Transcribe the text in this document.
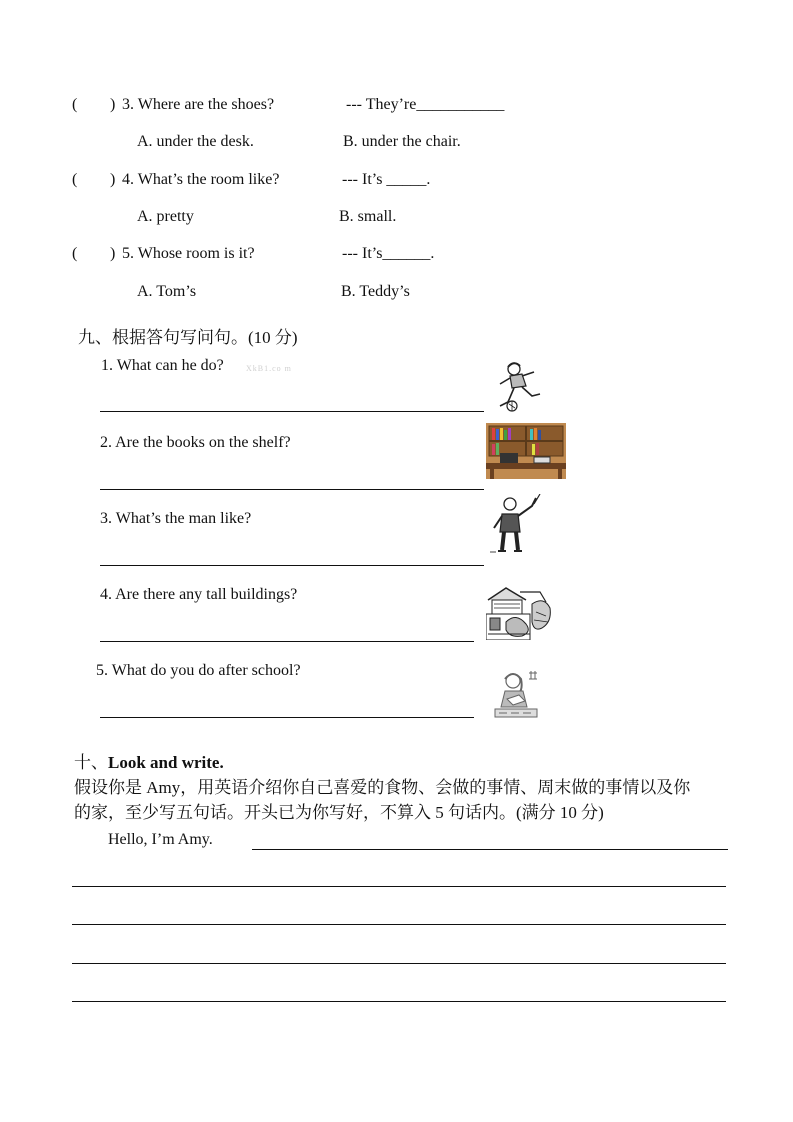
( ) 3. Where are the shoes?	--- They’re___________
A. under the desk.	B. under the chair.
( ) 4. What’s the room like?	--- It’s _____.
A. pretty	B. small.
( ) 5. Whose room is it?	--- It’s______.
A. Tom’s	B. Teddy’s
九、根据答句写问句。(10 分)
1. What can he do?	XkB1.co m
2. Are the books on the shelf?
3. What’s the man like?
4. Are there any tall buildings?
5. What do you do after school?
十、Look and write.
假设你是 Amy，用英语介绍你自己喜爱的食物、会做的事情、周末做的事情以及你
的家，至少写五句话。开头已为你写好，不算入 5 句话内。(满分 10 分)
Hello, I’m Amy.
